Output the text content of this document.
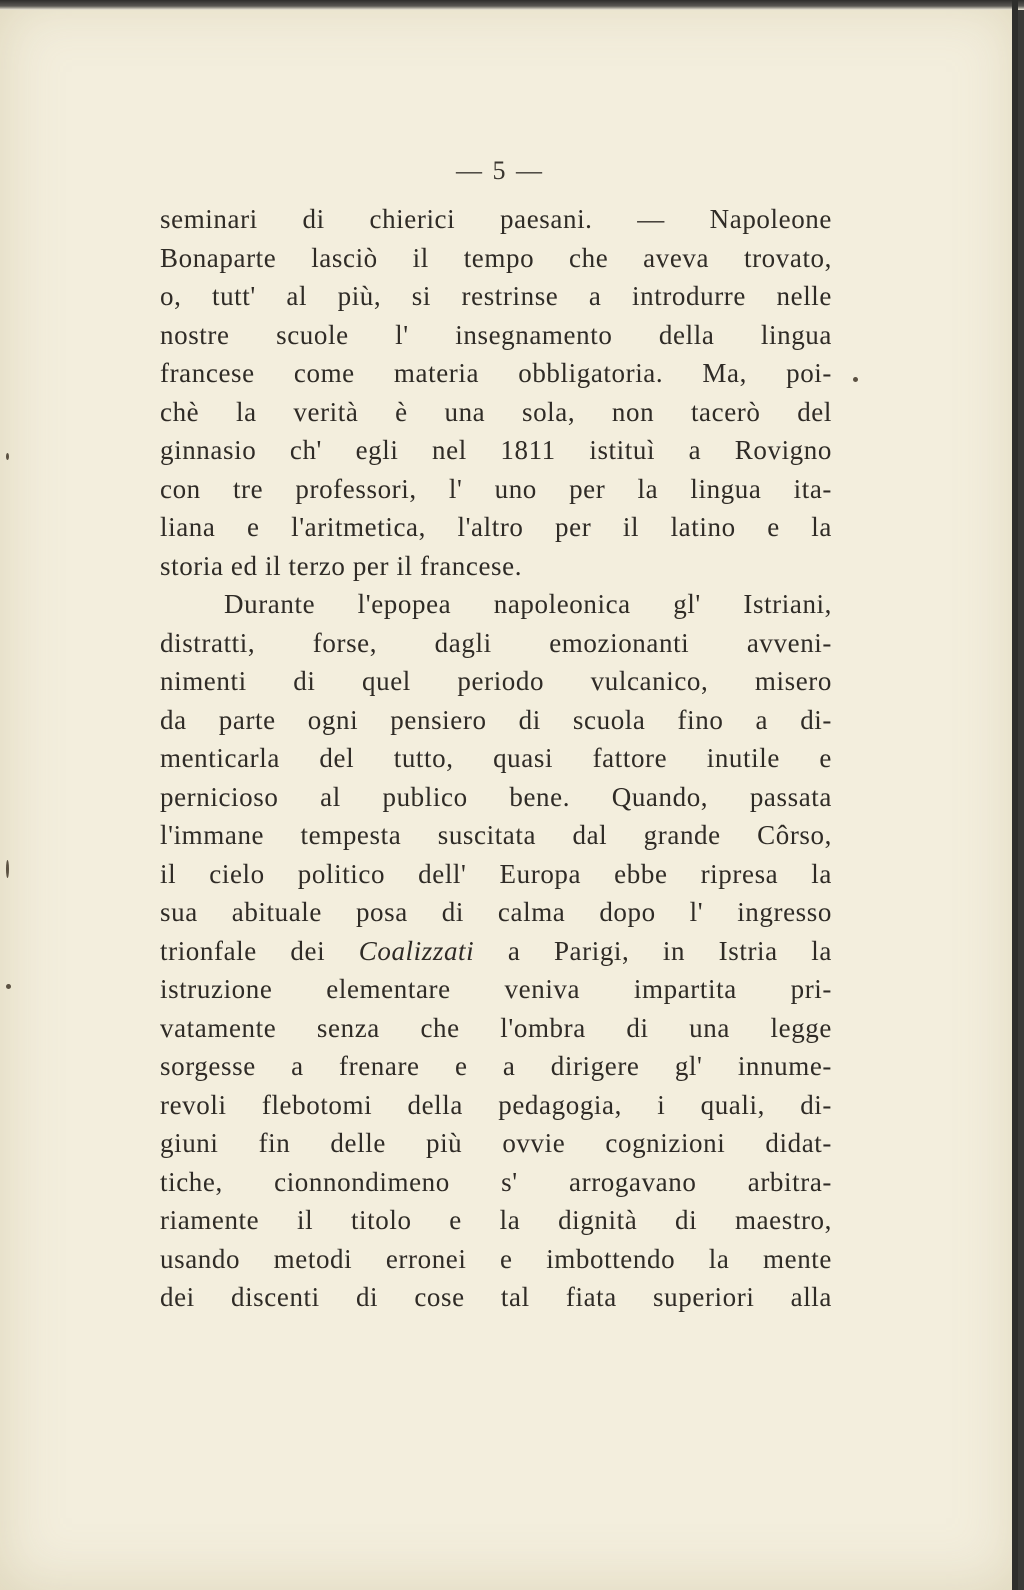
— 5 —
seminari di chierici paesani. — Napoleone
Bonaparte lasciò il tempo che aveva trovato,
o, tutt' al più, si restrinse a introdurre nelle
nostre scuole l' insegnamento della lingua
francese come materia obbligatoria. Ma, poi-
chè la verità è una sola, non tacerò del
ginnasio ch' egli nel 1811 istituì a Rovigno
con tre professori, l' uno per la lingua ita-
liana e l'aritmetica, l'altro per il latino e la
storia ed il terzo per il francese.
Durante l'epopea napoleonica gl' Istriani,
distratti, forse, dagli emozionanti avveni-
nimenti di quel periodo vulcanico, misero
da parte ogni pensiero di scuola fino a di-
menticarla del tutto, quasi fattore inutile e
pernicioso al publico bene. Quando, passata
l'immane tempesta suscitata dal grande Côrso,
il cielo politico dell' Europa ebbe ripresa la
sua abituale posa di calma dopo l' ingresso
trionfale dei Coalizzati a Parigi, in Istria la
istruzione elementare veniva impartita pri-
vatamente senza che l'ombra di una legge
sorgesse a frenare e a dirigere gl' innume-
revoli flebotomi della pedagogia, i quali, di-
giuni fin delle più ovvie cognizioni didat-
tiche, cionnondimeno s' arrogavano arbitra-
riamente il titolo e la dignità di maestro,
usando metodi erronei e imbottendo la mente
dei discenti di cose tal fiata superiori alla
